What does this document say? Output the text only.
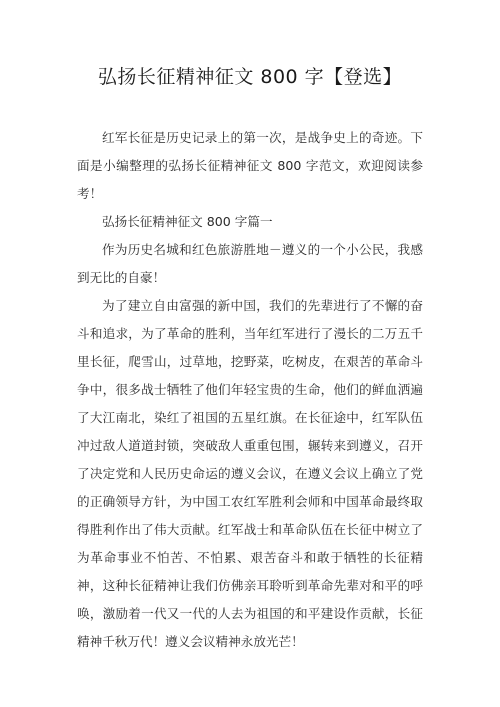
弘扬长征精神征文 800 字【登选】

红军长征是历史记录上的第一次，是战争史上的奇迹。下面是小编整理的弘扬长征精神征文 800 字范文，欢迎阅读参考！

弘扬长征精神征文 800 字篇一

作为历史名城和红色旅游胜地－遵义的一个小公民，我感到无比的自豪！

为了建立自由富强的新中国，我们的先辈进行了不懈的奋斗和追求，为了革命的胜利，当年红军进行了漫长的二万五千里长征，爬雪山，过草地，挖野菜，吃树皮，在艰苦的革命斗争中，很多战士牺牲了他们年轻宝贵的生命，他们的鲜血洒遍了大江南北，染红了祖国的五星红旗。在长征途中，红军队伍冲过敌人道道封锁，突破敌人重重包围，辗转来到遵义，召开了决定党和人民历史命运的遵义会议，在遵义会议上确立了党的正确领导方针，为中国工农红军胜利会师和中国革命最终取得胜利作出了伟大贡献。红军战士和革命队伍在长征中树立了为革命事业不怕苦、不怕累、艰苦奋斗和敢于牺牲的长征精神，这种长征精神让我们仿佛亲耳聆听到革命先辈对和平的呼唤，激励着一代又一代的人去为祖国的和平建设作贡献，长征精神千秋万代！遵义会议精神永放光芒！
